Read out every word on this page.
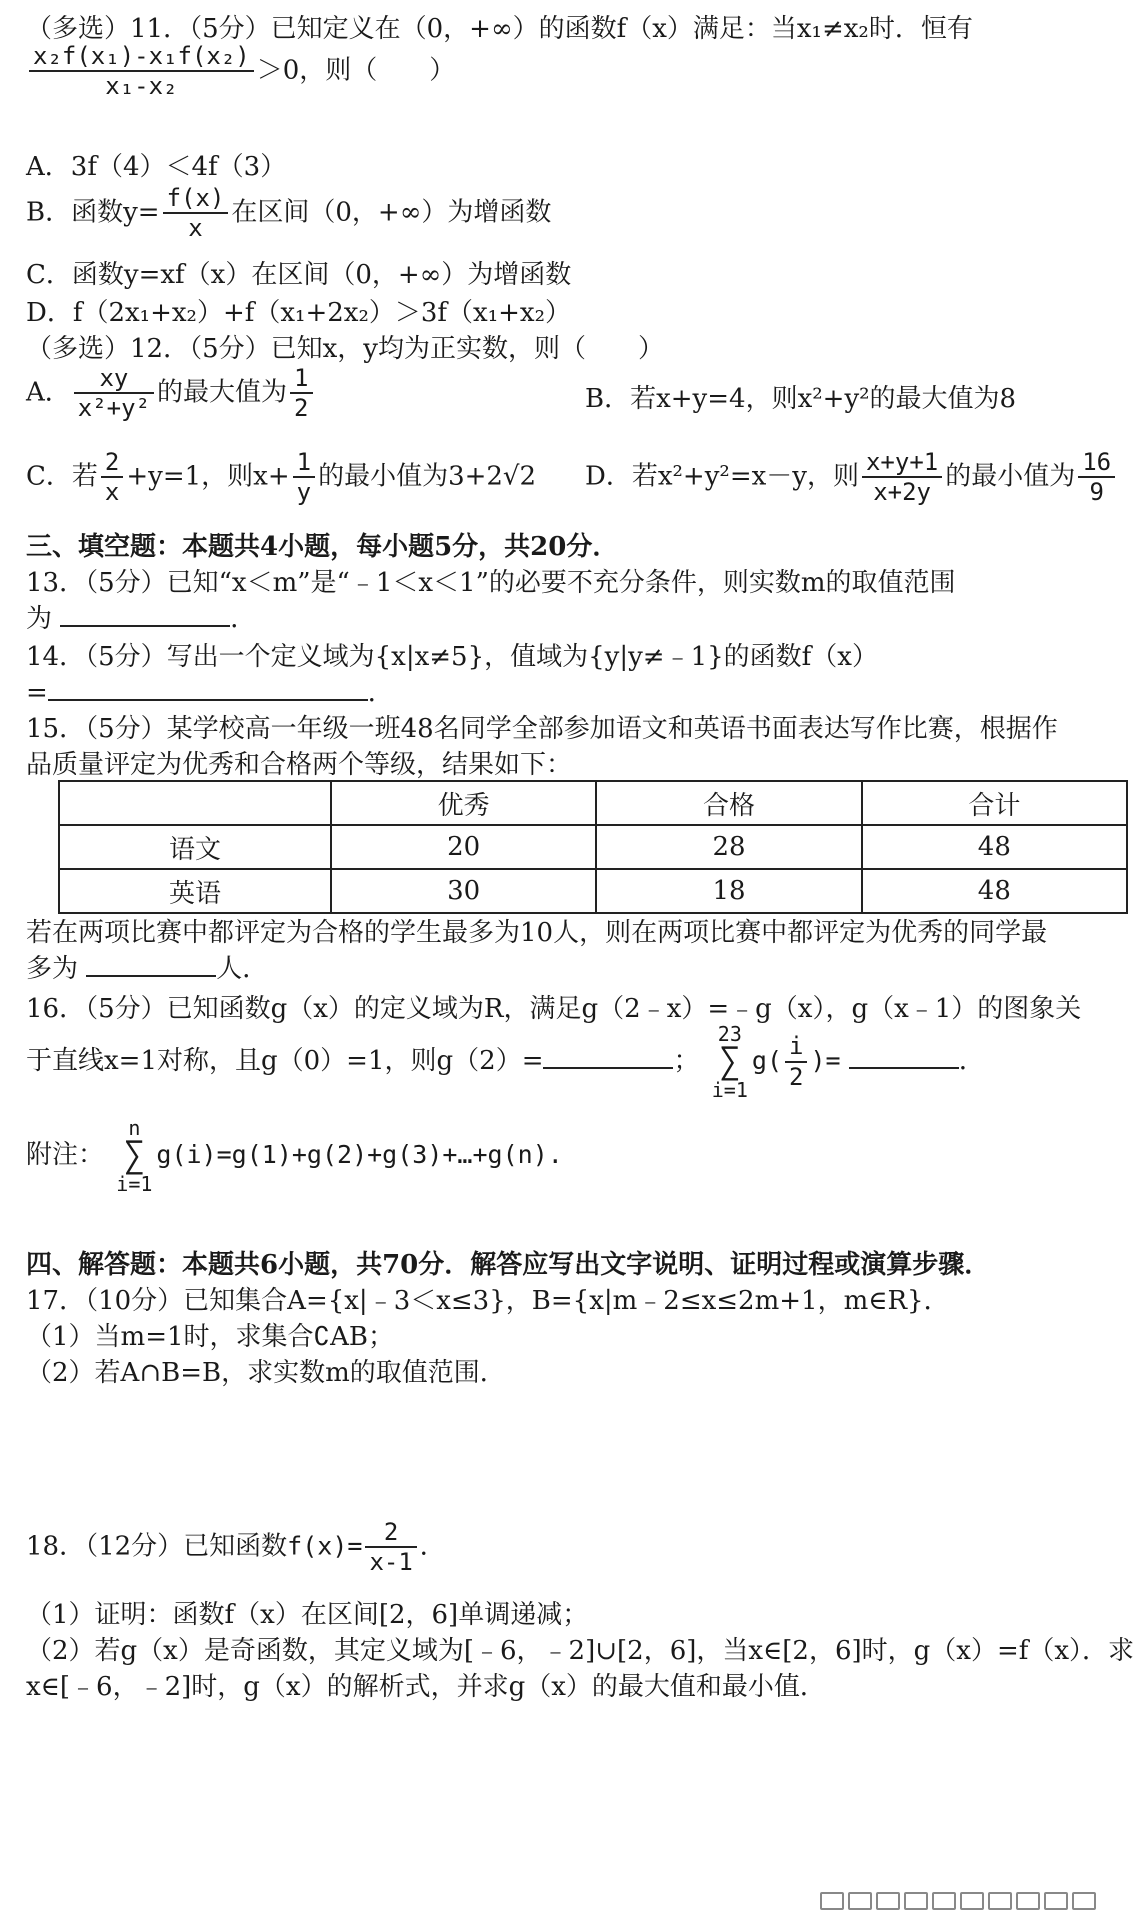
（多选）11．（5分）已知定义在（0，+∞）的函数f（x）满足：当x₁≠x₂时．恒有
$\frac{\text{x₂f(x₁)-x₁f(x₂)}}{\text{x₁-x₂}} >0$，则（　　）
A．3f（4）＜4f（3）
B．函数$y= \frac{f(x)}{x}$ 在区间（0，+∞）为增函数
C．函数y=xf（x）在区间（0，+∞）为增函数
D．f（2x₁+x₂）+f（x₁+2x₂）＞3f（x₁+x₂）
（多选）12．（5分）已知x，y均为正实数，则（　　）
A． $\frac{xy}{\text{x²+y²}}$ 的最大值为 $\frac{1}{2}$	B．若x+y=4，则x²+y²的最大值为8
C．若 $\frac{2}{x} +y=1$，则$x+ \frac{1}{y}$ 的最小值为3+2√2 D．若x²+y²=x－y，则 $\frac{x+y+1}{x+2y}$ 的最小值为 $\frac{16}{9}$
三、填空题：本题共4小题，每小题5分，共20分．
13．（5分）已知“x＜m”是“﹣1＜x＜1”的必要不充分条件，则实数m的取值范围
为	．
14．（5分）写出一个定义域为{x|x≠5}，值域为{y|y≠﹣1}的函数f（x）
=	．
15．（5分）某学校高一年级一班48名同学全部参加语文和英语书面表达写作比赛，根据作
品质量评定为优秀和合格两个等级，结果如下：
	优秀	合格	合计
语文	20	28	48
英语	30	18	48
若在两项比赛中都评定为合格的学生最多为10人，则在两项比赛中都评定为优秀的同学最
多为	人．
16．（5分）已知函数g（x）的定义域为R，满足g（2﹣x）=﹣g（x），g（x﹣1）的图象关
于直线x=1对称，且g（0）=1，则g（2）=	；
23
∑
i=1
$g( \frac{i}{2}$ )=	．
附注：
n
∑
i=1
g(i)=g(1)+g(2)+g(3)+…+g(n).
四、解答题：本题共6小题，共70分．解答应写出文字说明、证明过程或演算步骤．
17．（10分）已知集合A={x|﹣3＜x≤3}，B={x|m﹣2≤x≤2m+1，m∈R}．
（1）当m=1时，求集合∁AB；
（2）若A∩B=B，求实数m的取值范围．
18．（12分）已知函数$f(x)= \frac{2}{x-1}$ ．
（1）证明：函数f（x）在区间[2，6]单调递减；
（2）若g（x）是奇函数，其定义域为[﹣6，﹣2]∪[2，6]，当x∈[2，6]时，g（x）=f（x）．求
x∈[﹣6，﹣2]时，g（x）的解析式，并求g（x）的最大值和最小值．
